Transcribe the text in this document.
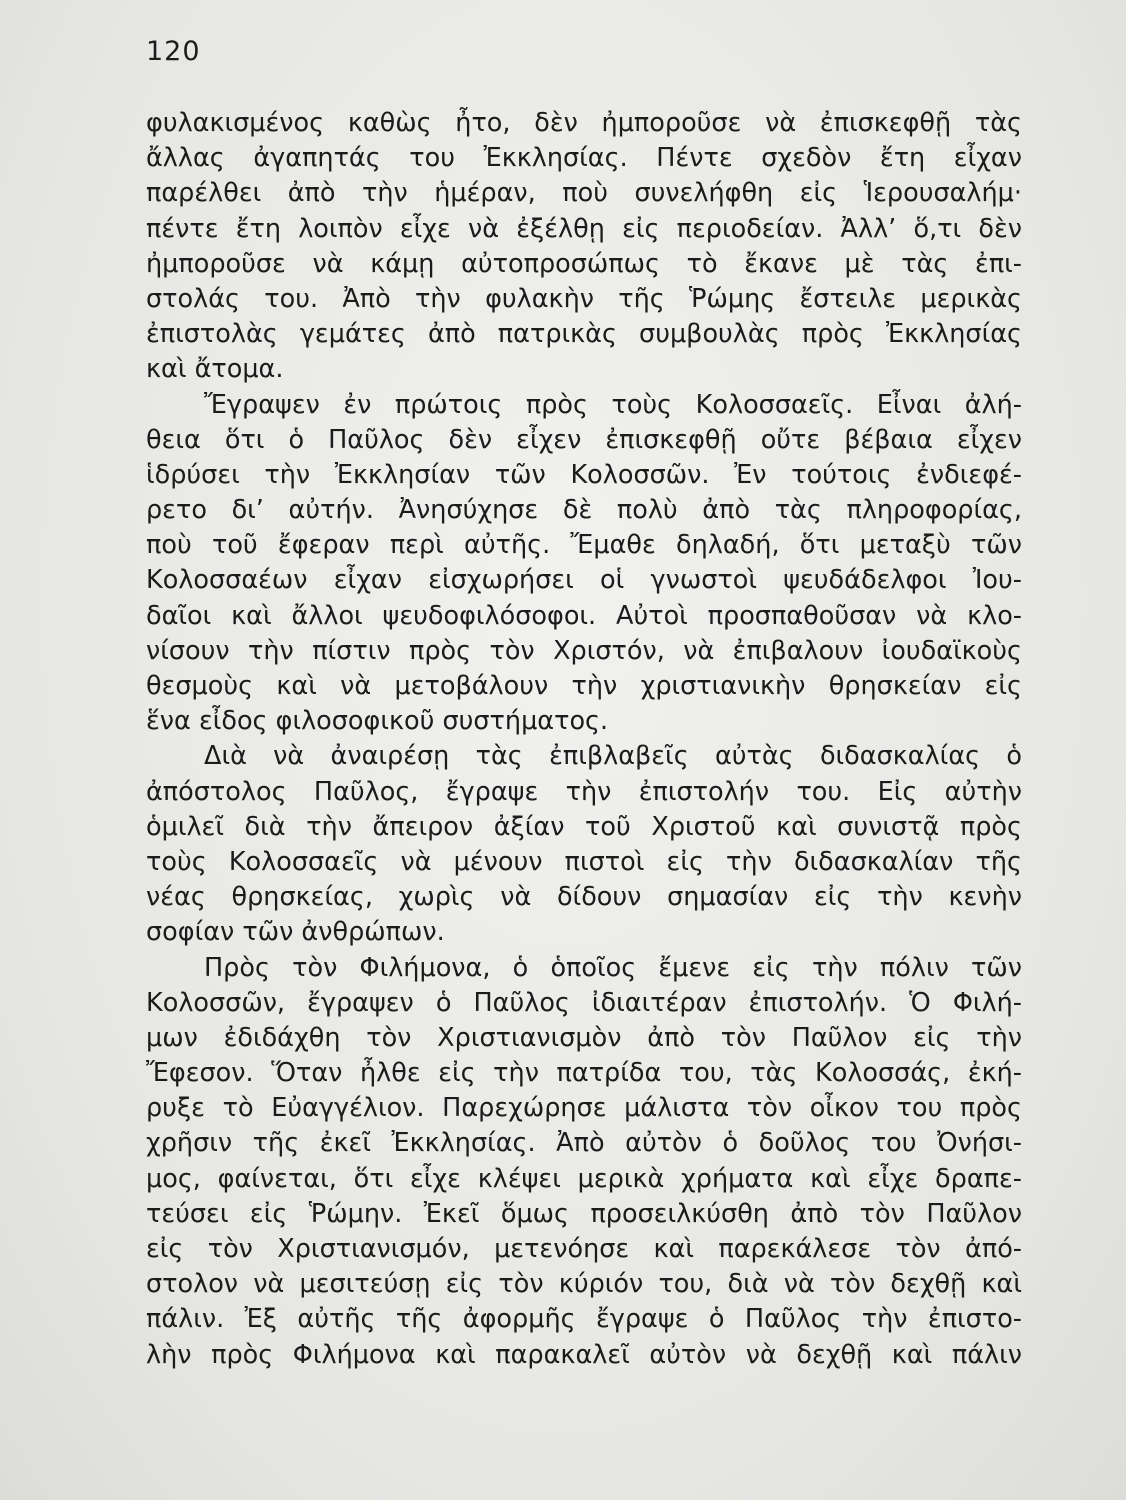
120
φυλακισμένος καθὼς ἦτο, δὲν ἠμποροῦσε νὰ ἐπισκεφθῇ τὰς
ἄλλας ἀγαπητάς του Ἐκκλησίας. Πέντε σχεδὸν ἔτη εἶχαν
παρέλθει ἀπὸ τὴν ἡμέραν, ποὺ συνελήφθη εἰς Ἱερουσαλήμ·
πέντε ἔτη λοιπὸν εἶχε νὰ ἐξέλθῃ εἰς περιοδείαν. Ἀλλ’ ὅ,τι δὲν
ἠμποροῦσε νὰ κάμῃ αὐτοπροσώπως τὸ ἔκανε μὲ τὰς ἐπι-
στολάς του. Ἀπὸ τὴν φυλακὴν τῆς Ῥώμης ἔστειλε μερικὰς
ἐπιστολὰς γεμάτες ἀπὸ πατρικὰς συμβουλὰς πρὸς Ἐκκλησίας
καὶ ἄτομα.
Ἔγραψεν ἐν πρώτοις πρὸς τοὺς Κολοσσαεῖς. Εἶναι ἀλή-
θεια ὅτι ὁ Παῦλος δὲν εἶχεν ἐπισκεφθῇ οὔτε βέβαια εἶχεν
ἱδρύσει τὴν Ἐκκλησίαν τῶν Κολοσσῶν. Ἐν τούτοις ἐνδιεφέ-
ρετο δι’ αὐτήν. Ἀνησύχησε δὲ πολὺ ἀπὸ τὰς πληροφορίας,
ποὺ τοῦ ἔφεραν περὶ αὐτῆς. Ἔμαθε δηλαδή, ὅτι μεταξὺ τῶν
Κολοσσαέων εἶχαν εἰσχωρήσει οἱ γνωστοὶ ψευδάδελφοι Ἰου-
δαῖοι καὶ ἄλλοι ψευδοφιλόσοφοι. Αὐτοὶ προσπαθοῦσαν νὰ κλο-
νίσουν τὴν πίστιν πρὸς τὸν Χριστόν, νὰ ἐπιβαλουν ἰουδαϊκοὺς
θεσμοὺς καὶ νὰ μετοβάλουν τὴν χριστιανικὴν θρησκείαν εἰς
ἕνα εἶδος φιλοσοφικοῦ συστήματος.
Διὰ νὰ ἀναιρέσῃ τὰς ἐπιβλαβεῖς αὐτὰς διδασκαλίας ὁ
ἀπόστολος Παῦλος, ἔγραψε τὴν ἐπιστολήν του. Εἰς αὐτὴν
ὁμιλεῖ διὰ τὴν ἄπειρον ἀξίαν τοῦ Χριστοῦ καὶ συνιστᾷ πρὸς
τοὺς Κολοσσαεῖς νὰ μένουν πιστοὶ εἰς τὴν διδασκαλίαν τῆς
νέας θρησκείας, χωρὶς νὰ δίδουν σημασίαν εἰς τὴν κενὴν
σοφίαν τῶν ἀνθρώπων.
Πρὸς τὸν Φιλήμονα, ὁ ὁποῖος ἔμενε εἰς τὴν πόλιν τῶν
Κολοσσῶν, ἔγραψεν ὁ Παῦλος ἰδιαιτέραν ἐπιστολήν. Ὁ Φιλή-
μων ἐδιδάχθη τὸν Χριστιανισμὸν ἀπὸ τὸν Παῦλον εἰς τὴν
Ἔφεσον. Ὅταν ἦλθε εἰς τὴν πατρίδα του, τὰς Κολοσσάς, ἐκή-
ρυξε τὸ Εὐαγγέλιον. Παρεχώρησε μάλιστα τὸν οἶκον του πρὸς
χρῆσιν τῆς ἐκεῖ Ἐκκλησίας. Ἀπὸ αὐτὸν ὁ δοῦλος του Ὀνήσι-
μος, φαίνεται, ὅτι εἶχε κλέψει μερικὰ χρήματα καὶ εἶχε δραπε-
τεύσει εἰς Ῥώμην. Ἐκεῖ ὅμως προσειλκύσθη ἀπὸ τὸν Παῦλον
εἰς τὸν Χριστιανισμόν, μετενόησε καὶ παρεκάλεσε τὸν ἀπό-
στολον νὰ μεσιτεύσῃ εἰς τὸν κύριόν του, διὰ νὰ τὸν δεχθῇ καὶ
πάλιν. Ἐξ αὐτῆς τῆς ἀφορμῆς ἔγραψε ὁ Παῦλος τὴν ἐπιστο-
λὴν πρὸς Φιλήμονα καὶ παρακαλεῖ αὐτὸν νὰ δεχθῇ καὶ πάλιν
